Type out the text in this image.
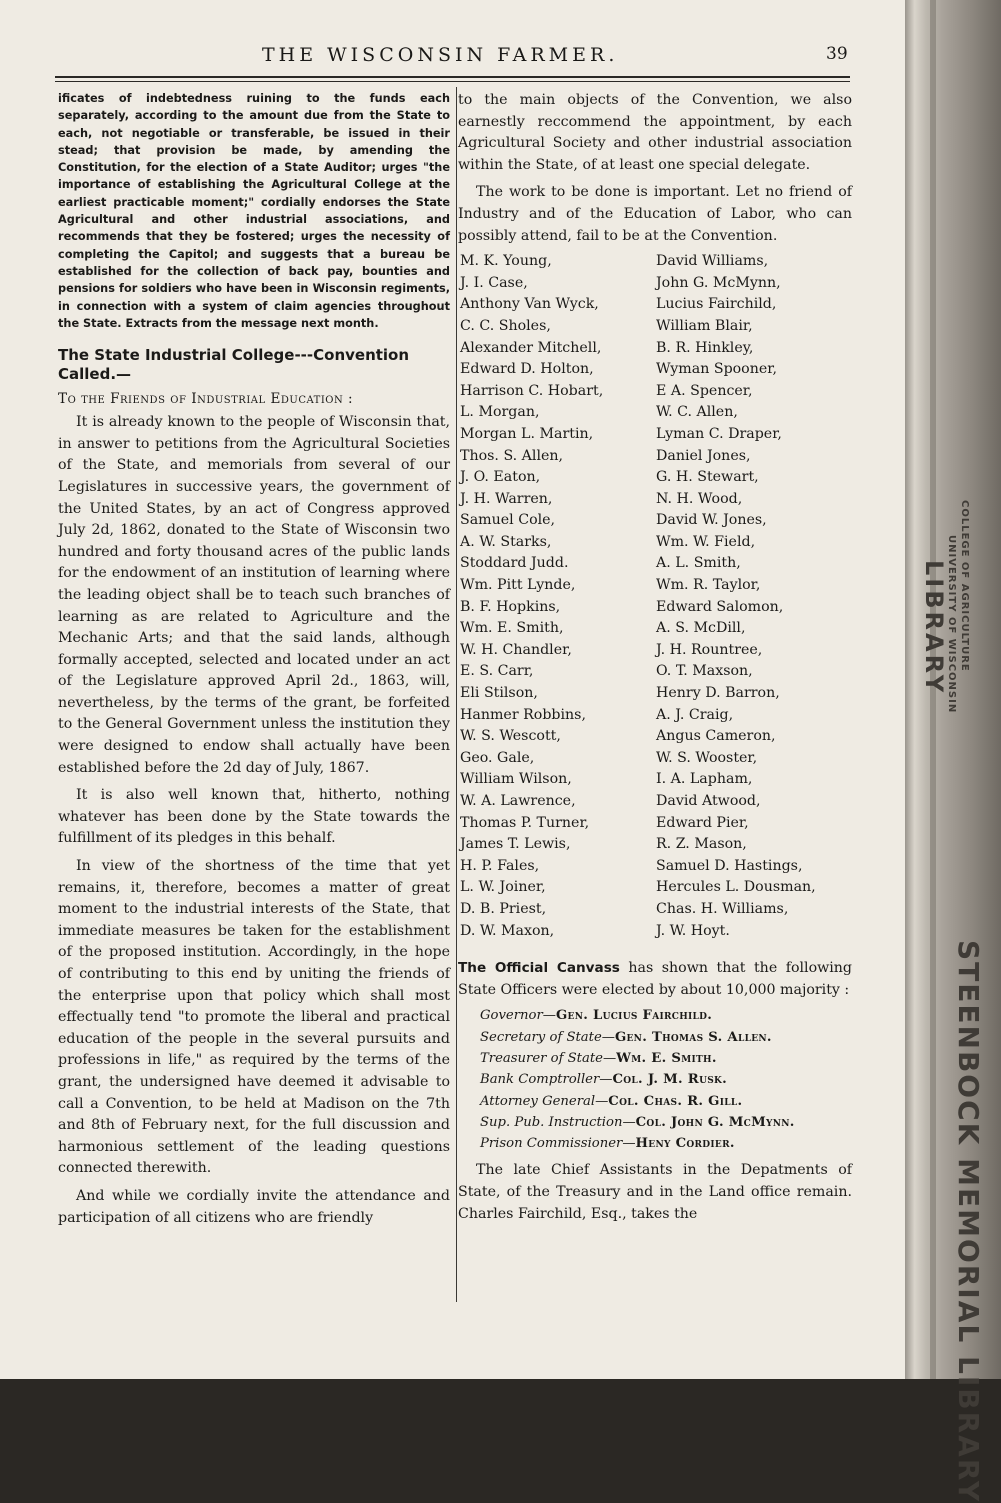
THE WISCONSIN FARMER.	39

ificates of indebtedness ruining to the funds each separately, according to the amount due from the State to each, not negotiable or transferable, be issued in their stead; that provision be made, by amending the Constitution, for the election of a State Auditor; urges "the importance of establishing the Agricultural College at the earliest practicable moment;" cordially endorses the State Agricultural and other industrial associations, and recommends that they be fostered; urges the necessity of completing the Capitol; and suggests that a bureau be established for the collection of back pay, bounties and pensions for soldiers who have been in Wisconsin regiments, in connection with a system of claim agencies throughout the State. Extracts from the message next month.

The State Industrial College---Convention Called.—
To the Friends of Industrial Education :

It is already known to the people of Wisconsin that, in answer to petitions from the Agricultural Societies of the State, and memorials from several of our Legislatures in successive years, the government of the United States, by an act of Congress approved July 2d, 1862, donated to the State of Wisconsin two hundred and forty thousand acres of the public lands for the endowment of an institution of learning where the leading object shall be to teach such branches of learning as are related to Agriculture and the Mechanic Arts; and that the said lands, although formally accepted, selected and located under an act of the Legislature approved April 2d., 1863, will, nevertheless, by the terms of the grant, be forfeited to the General Government unless the institution they were designed to endow shall actually have been established before the 2d day of July, 1867.

It is also well known that, hitherto, nothing whatever has been done by the State towards the fulfillment of its pledges in this behalf.

In view of the shortness of the time that yet remains, it, therefore, becomes a matter of great moment to the industrial interests of the State, that immediate measures be taken for the establishment of the proposed institution. Accordingly, in the hope of contributing to this end by uniting the friends of the enterprise upon that policy which shall most effectually tend "to promote the liberal and practical education of the people in the several pursuits and professions in life," as required by the terms of the grant, the undersigned have deemed it advisable to call a Convention, to be held at Madison on the 7th and 8th of February next, for the full discussion and harmonious settlement of the leading questions connected therewith.

And while we cordially invite the attendance and participation of all citizens who are friendly

to the main objects of the Convention, we also earnestly reccommend the appointment, by each Agricultural Society and other industrial association within the State, of at least one special delegate.

The work to be done is important. Let no friend of Industry and of the Education of Labor, who can possibly attend, fail to be at the Convention.

M. K. Young,
J. I. Case,
Anthony Van Wyck,
C. C. Sholes,
Alexander Mitchell,
Edward D. Holton,
Harrison C. Hobart,
L. Morgan,
Morgan L. Martin,
Thos. S. Allen,
J. O. Eaton,
J. H. Warren,
Samuel Cole,
A. W. Starks,
Stoddard Judd.
Wm. Pitt Lynde,
B. F. Hopkins,
Wm. E. Smith,
W. H. Chandler,
E. S. Carr,
Eli Stilson,
Hanmer Robbins,
W. S. Wescott,
Geo. Gale,
William Wilson,
W. A. Lawrence,
Thomas P. Turner,
James T. Lewis,
H. P. Fales,
L. W. Joiner,
D. B. Priest,
D. W. Maxon,
David Williams,
John G. McMynn,
Lucius Fairchild,
William Blair,
B. R. Hinkley,
Wyman Spooner,
E A. Spencer,
W. C. Allen,
Lyman C. Draper,
Daniel Jones,
G. H. Stewart,
N. H. Wood,
David W. Jones,
Wm. W. Field,
A. L. Smith,
Wm. R. Taylor,
Edward Salomon,
A. S. McDill,
J. H. Rountree,
O. T. Maxson,
Henry D. Barron,
A. J. Craig,
Angus Cameron,
W. S. Wooster,
I. A. Lapham,
David Atwood,
Edward Pier,
R. Z. Mason,
Samuel D. Hastings,
Hercules L. Dousman,
Chas. H. Williams,
J. W. Hoyt.

The Official Canvass has shown that the following State Officers were elected by about 10,000 majority :

Governor—Gen. Lucius Fairchild.
Secretary of State—Gen. Thomas S. Allen.
Treasurer of State—Wm. E. Smith.
Bank Comptroller—Col. J. M. Rusk.
Attorney General—Col. Chas. R. Gill.
Sup. Pub. Instruction—Col. John G. McMynn.
Prison Commissioner—Heny Cordier.

The late Chief Assistants in the Depatments of State, of the Treasury and in the Land office remain. Charles Fairchild, Esq., takes the	STEENBOCK MEMORIAL LIBRARY
LIBRARY COLLEGE OF AGRICULTURE
UNIVERSITY OF WISCONSIN
